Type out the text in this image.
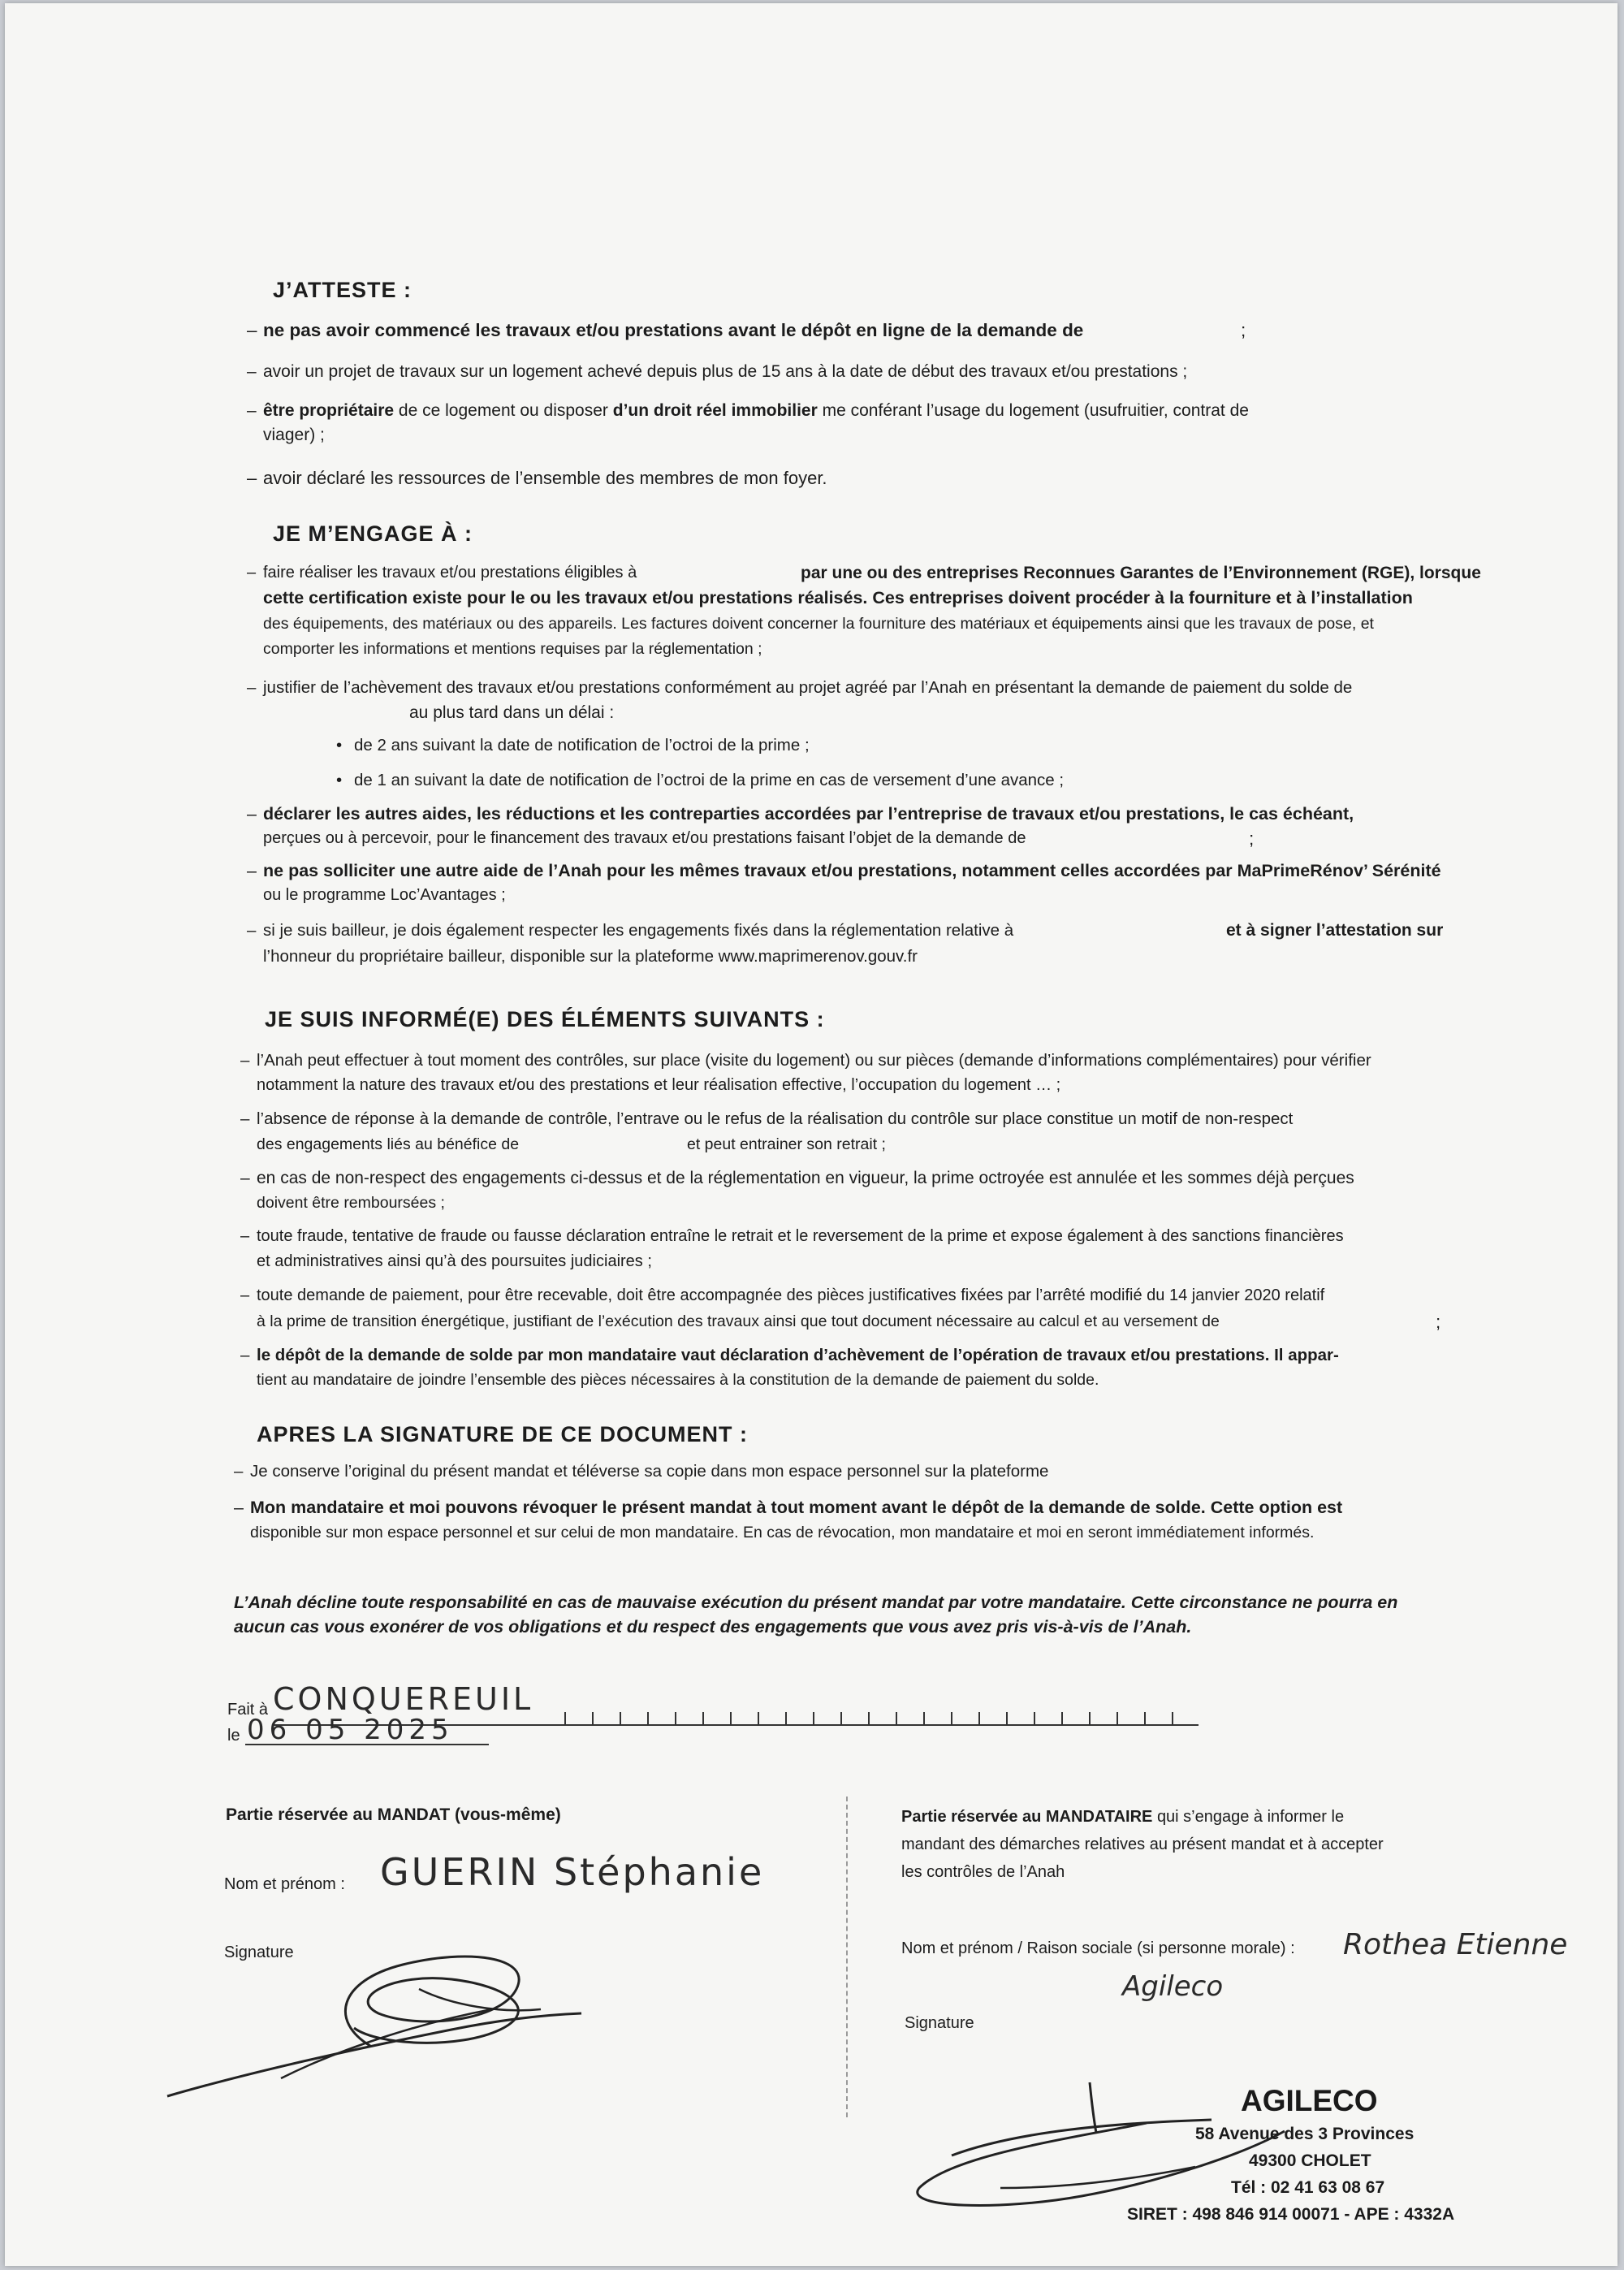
J’ATTESTE :
– ne pas avoir commencé les travaux et/ou prestations avant le dépôt en ligne de la demande de	;
– avoir un projet de travaux sur un logement achevé depuis plus de 15 ans à la date de début des travaux et/ou prestations ;
– être propriétaire de ce logement ou disposer d’un droit réel immobilier me conférant l’usage du logement (usufruitier, contrat de
viager) ;
– avoir déclaré les ressources de l’ensemble des membres de mon foyer.
JE M’ENGAGE À :
– faire réaliser les travaux et/ou prestations éligibles à	par une ou des entreprises Reconnues Garantes de l’Environnement (RGE), lorsque
cette certification existe pour le ou les travaux et/ou prestations réalisés. Ces entreprises doivent procéder à la fourniture et à l’installation
des équipements, des matériaux ou des appareils. Les factures doivent concerner la fourniture des matériaux et équipements ainsi que les travaux de pose, et
comporter les informations et mentions requises par la réglementation ;
– justifier de l’achèvement des travaux et/ou prestations conformément au projet agréé par l’Anah en présentant la demande de paiement du solde de
au plus tard dans un délai :
• de 2 ans suivant la date de notification de l’octroi de la prime ;
• de 1 an suivant la date de notification de l’octroi de la prime en cas de versement d’une avance ;
– déclarer les autres aides, les réductions et les contreparties accordées par l’entreprise de travaux et/ou prestations, le cas échéant,
perçues ou à percevoir, pour le financement des travaux et/ou prestations faisant l’objet de la demande de	;
– ne pas solliciter une autre aide de l’Anah pour les mêmes travaux et/ou prestations, notamment celles accordées par MaPrimeRénov’ Sérénité
ou le programme Loc’Avantages ;
– si je suis bailleur, je dois également respecter les engagements fixés dans la réglementation relative à	et à signer l’attestation sur
l’honneur du propriétaire bailleur, disponible sur la plateforme www.maprimerenov.gouv.fr
JE SUIS INFORMÉ(E) DES ÉLÉMENTS SUIVANTS :
– l’Anah peut effectuer à tout moment des contrôles, sur place (visite du logement) ou sur pièces (demande d’informations complémentaires) pour vérifier
notamment la nature des travaux et/ou des prestations et leur réalisation effective, l’occupation du logement … ;
– l’absence de réponse à la demande de contrôle, l’entrave ou le refus de la réalisation du contrôle sur place constitue un motif de non-respect
des engagements liés au bénéfice de	et peut entrainer son retrait ;
– en cas de non-respect des engagements ci-dessus et de la réglementation en vigueur, la prime octroyée est annulée et les sommes déjà perçues
doivent être remboursées ;
– toute fraude, tentative de fraude ou fausse déclaration entraîne le retrait et le reversement de la prime et expose également à des sanctions financières
et administratives ainsi qu’à des poursuites judiciaires ;
– toute demande de paiement, pour être recevable, doit être accompagnée des pièces justificatives fixées par l’arrêté modifié du 14 janvier 2020 relatif
à la prime de transition énergétique, justifiant de l’exécution des travaux ainsi que tout document nécessaire au calcul et au versement de	;
– le dépôt de la demande de solde par mon mandataire vaut déclaration d’achèvement de l’opération de travaux et/ou prestations. Il appar-
tient au mandataire de joindre l’ensemble des pièces nécessaires à la constitution de la demande de paiement du solde.
APRES LA SIGNATURE DE CE DOCUMENT :
– Je conserve l’original du présent mandat et téléverse sa copie dans mon espace personnel sur la plateforme
– Mon mandataire et moi pouvons révoquer le présent mandat à tout moment avant le dépôt de la demande de solde. Cette option est
disponible sur mon espace personnel et sur celui de mon mandataire. En cas de révocation, mon mandataire et moi en seront immédiatement informés.
L’Anah décline toute responsabilité en cas de mauvaise exécution du présent mandat par votre mandataire. Cette circonstance ne pourra en
aucun cas vous exonérer de vos obligations et du respect des engagements que vous avez pris vis-à-vis de l’Anah.
Fait à CONQUEREUIL
le 06 05 2025
Partie réservée au MANDAT (vous-même)
Nom et prénom : GUERIN Stéphanie
Signature
Partie réservée au MANDATAIRE qui s’engage à informer le
mandant des démarches relatives au présent mandat et à accepter
les contrôles de l’Anah
Nom et prénom / Raison sociale (si personne morale) : Rothea Etienne
Agileco
Signature
AGILECO
58 Avenue des 3 Provinces
49300 CHOLET
Tél : 02 41 63 08 67
SIRET : 498 846 914 00071 - APE : 4332A
